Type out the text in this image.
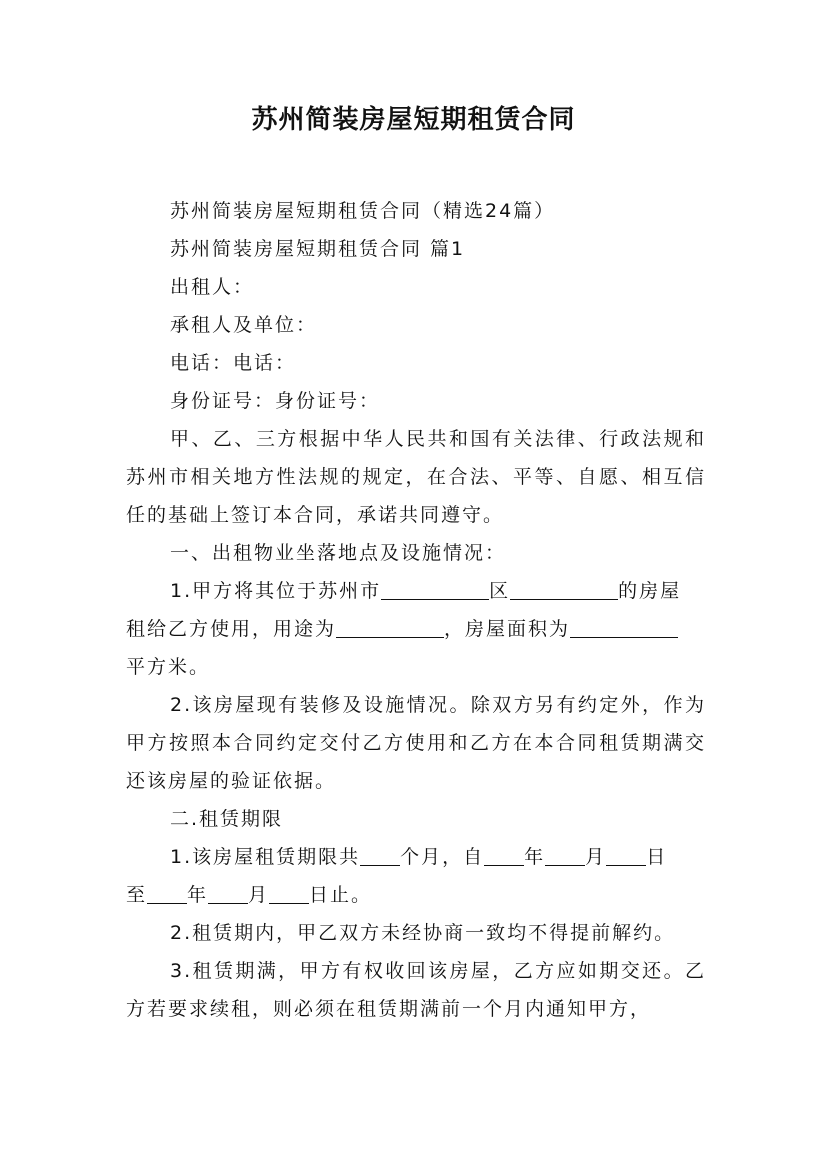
苏州简装房屋短期租赁合同

苏州简装房屋短期租赁合同（精选24篇）

苏州简装房屋短期租赁合同 篇1

出租人：

承租人及单位：

电话：电话：

身份证号：身份证号：

甲、乙、三方根据中华人民共和国有关法律、行政法规和苏州市相关地方性法规的规定，在合法、平等、自愿、相互信任的基础上签订本合同，承诺共同遵守。

一、出租物业坐落地点及设施情况：

1.甲方将其位于苏州市	区	的房屋
租给乙方使用，用途为	，房屋面积为
平方米。

2.该房屋现有装修及设施情况。除双方另有约定外，作为甲方按照本合同约定交付乙方使用和乙方在本合同租赁期满交还该房屋的验证依据。

二.租赁期限

1.该房屋租赁期限共 个月，自 年 月 日
至 年 月 日止。

2.租赁期内，甲乙双方未经协商一致均不得提前解约。

3.租赁期满，甲方有权收回该房屋，乙方应如期交还。乙方若要求续租，则必须在租赁期满前一个月内通知甲方，
